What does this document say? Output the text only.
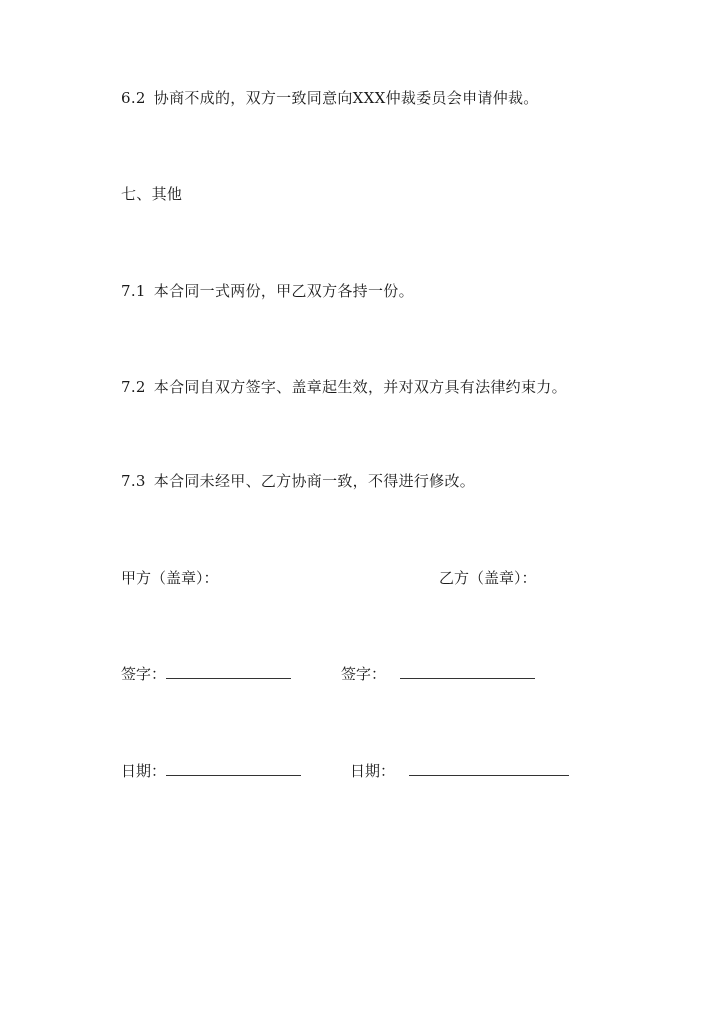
6.2 协商不成的，双方一致同意向XXX仲裁委员会申请仲裁。
七、其他
7.1 本合同一式两份，甲乙双方各持一份。
7.2 本合同自双方签字、盖章起生效，并对双方具有法律约束力。
7.3 本合同未经甲、乙方协商一致，不得进行修改。
甲方（盖章）：	乙方（盖章）：
签字：	签字：
日期：	日期：
